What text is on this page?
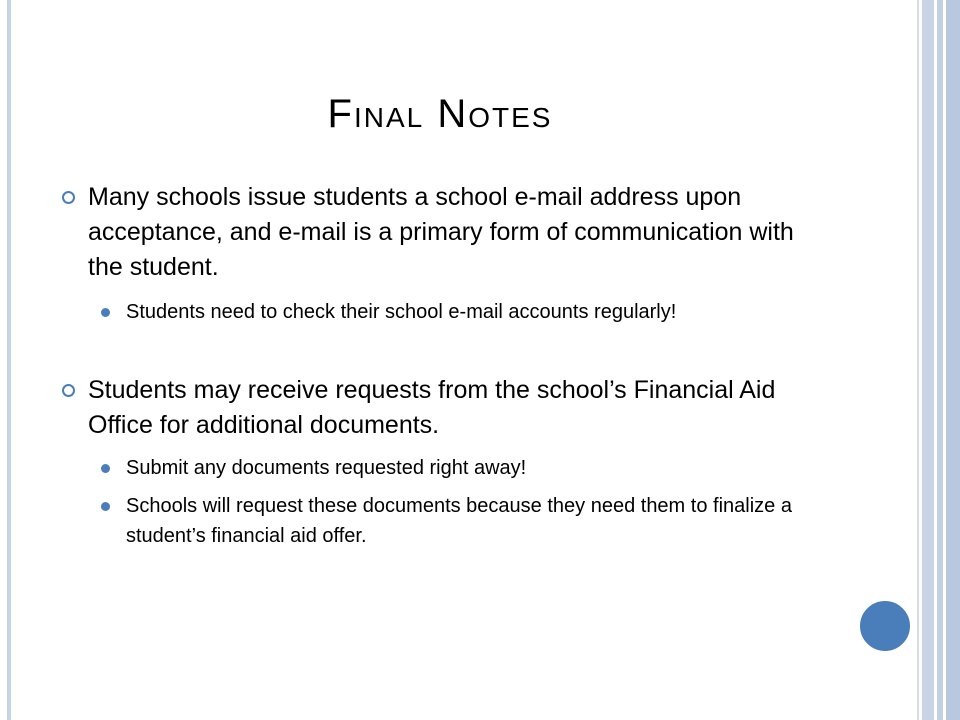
Final Notes
Many schools issue students a school e-mail address upon acceptance, and e-mail is a primary form of communication with the student.
Students need to check their school e-mail accounts regularly!
Students may receive requests from the school’s Financial Aid Office for additional documents.
Submit any documents requested right away!
Schools will request these documents because they need them to finalize a student’s financial aid offer.
